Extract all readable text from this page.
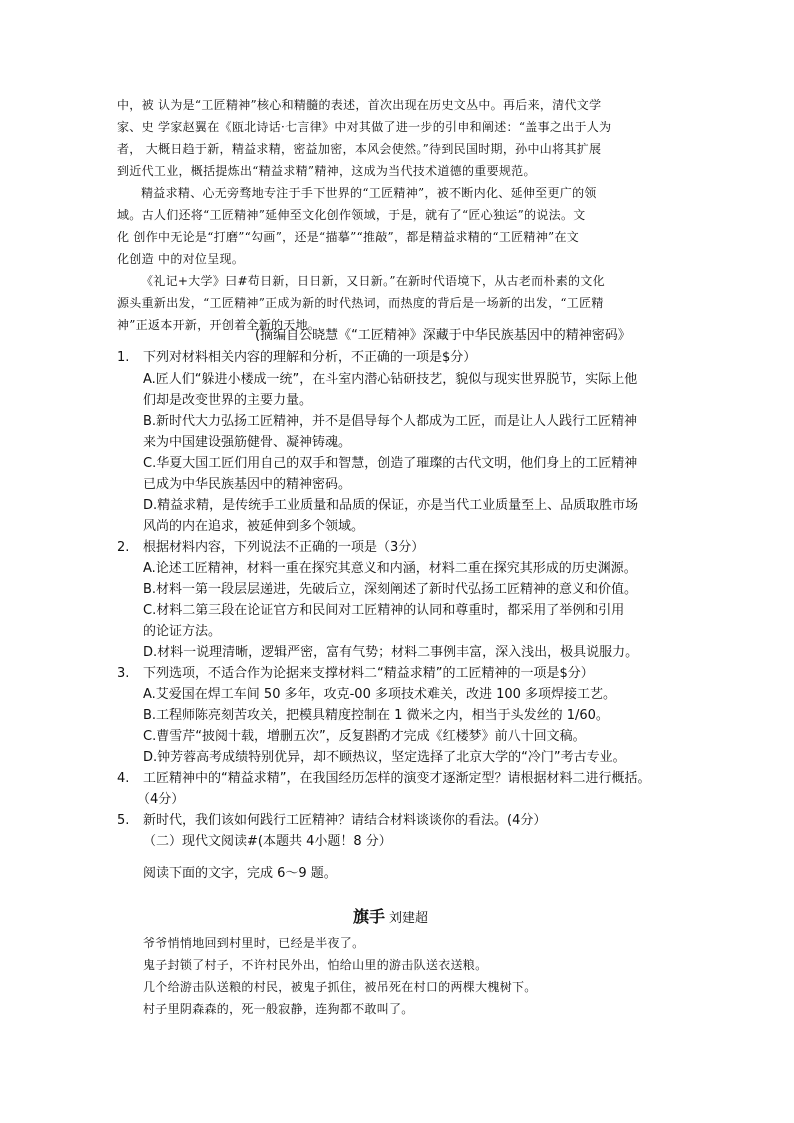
中，被 认为是“工匠精神”核心和精髓的表述，首次出现在历史文丛中。再后来，清代文学
家、史 学家赵翼在《瓯北诗话·七言律》中对其做了进一步的引申和阐述：“盖事之出于人为
者， 大概日趋于新，精益求精，密益加密，本风会使然。”待到民国时期，孙中山将其扩展
到近代工业，概括提炼出“精益求精”精神，这成为当代技术道德的重要规范。
精益求精、心无旁骛地专注于手下世界的“工匠精神”，被不断内化、延伸至更广的领
域。古人们还将“工匠精神”延伸至文化创作领域，于是，就有了“匠心独运”的说法。文
化 创作中无论是“打磨”“勾画”，还是“描摹”“推敲”，都是精益求精的“工匠精神”在文
化创造 中的对位呈现。
《礼记+大学》曰#苟日新，日日新，又日新。”在新时代语境下，从古老而朴素的文化
源头重新出发，“工匠精神”正成为新的时代热词，而热度的背后是一场新的出发，“工匠精
神”正返本开新，开创着全新的天地。
(摘编自公晓慧《“工匠精神》深藏于中华民族基因中的精神密码》
1. 下列对材料相关内容的理解和分析，不正确的一项是$分）
A.匠人们“躲进小楼成一统”，在斗室内潜心钻研技艺，貌似与现实世界脱节，实际上他
们却是改变世界的主要力量。
B.新时代大力弘扬工匠精神，并不是倡导每个人都成为工匠，而是让人人践行工匠精神
来为中国建设强筋健骨、凝神铸魂。
C.华夏大国工匠们用自己的双手和智慧，创造了璀璨的古代文明，他们身上的工匠精神
已成为中华民族基因中的精神密码。
D.精益求精，是传统手工业质量和品质的保证，亦是当代工业质量至上、品质取胜市场
风尚的内在追求，被延伸到多个领域。
2. 根据材料内容，下列说法不正确的一项是（3分）
A.论述工匠精神，材料一重在探究其意义和内涵，材料二重在探究其形成的历史渊源。
B.材料一第一段层层递进，先破后立，深刻阐述了新时代弘扬工匠精神的意义和价值。
C.材料二第三段在论证官方和民间对工匠精神的认同和尊重时，都采用了举例和引用
的论证方法。
D.材料一说理清晰，逻辑严密，富有气势；材料二事例丰富，深入浅出，极具说服力。
3. 下列选项，不适合作为论据来支撑材料二“精益求精”的工匠精神的一项是$分）
A.艾爱国在焊工车间 50 多年，攻克-00 多项技术难关，改进 100 多项焊接工艺。
B.工程师陈亮刻苦攻关，把模具精度控制在 1 微米之内，相当于头发丝的 1/60。
C.曹雪芹“披阅十载，增删五次”，反复斟酌才完成《红楼梦》前八十回文稿。
D.钟芳蓉高考成绩特别优异，却不顾热议，坚定选择了北京大学的“冷门”考古专业。
4. 工匠精神中的“精益求精”，在我国经历怎样的演变才逐渐定型？请根据材料二进行概括。
（4分）
5. 新时代，我们该如何践行工匠精神？请结合材料谈谈你的看法。(4分）
（二）现代文阅读#(本题共 4小题！8 分）
阅读下面的文字，完成 6～9 题。
旗手 刘建超
爷爷悄悄地回到村里时，已经是半夜了。
鬼子封锁了村子，不许村民外出，怕给山里的游击队送衣送粮。
几个给游击队送粮的村民，被鬼子抓住，被吊死在村口的两棵大槐树下。
村子里阴森森的，死一般寂静，连狗都不敢叫了。
